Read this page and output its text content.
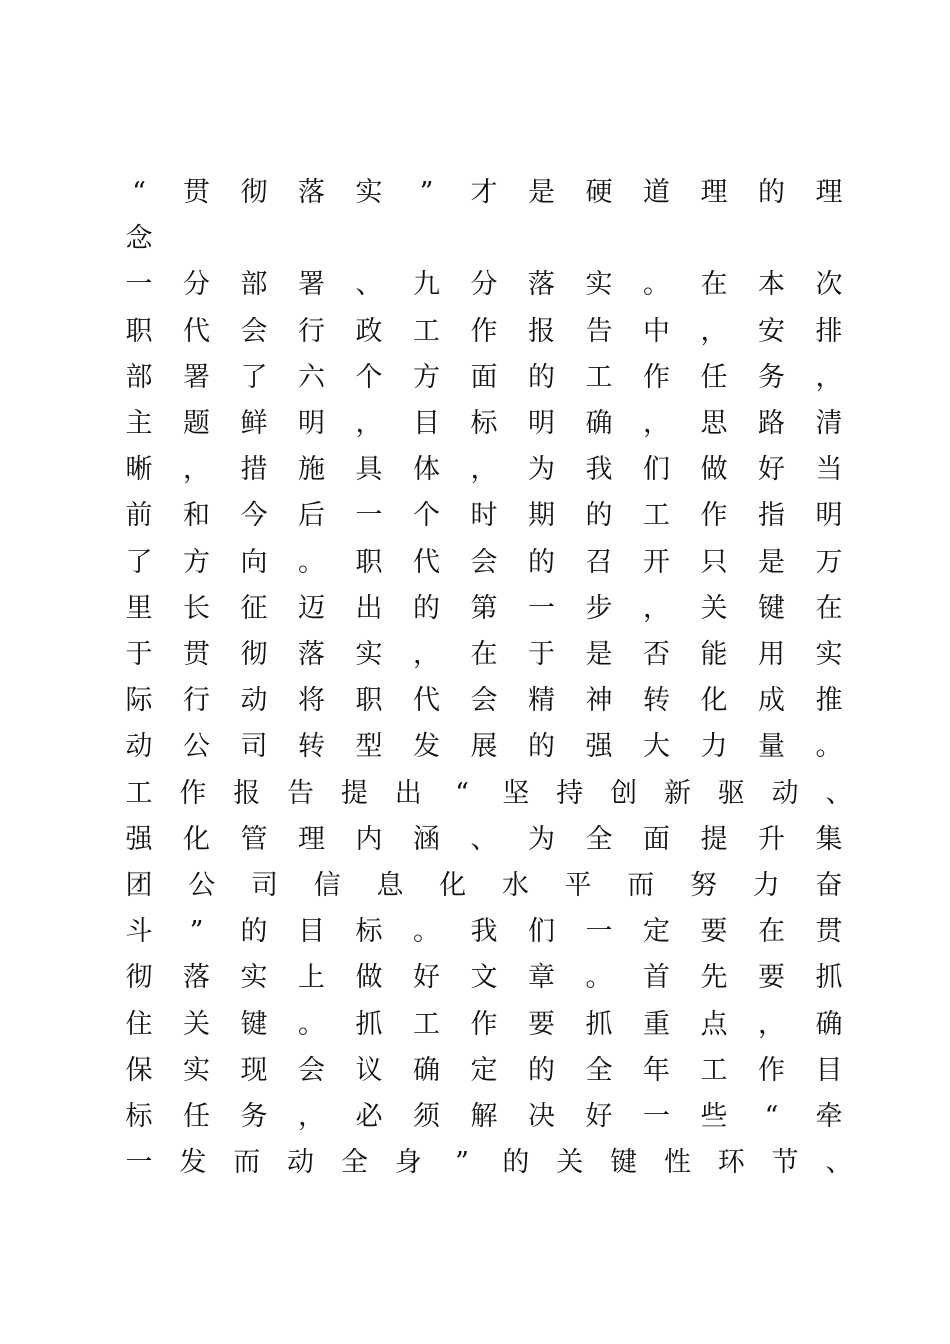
“ 贯 彻 落 实 ” 才 是 硬 道 理 的 理
念
一 分 部 署 、 九 分 落 实 。 在 本 次
职 代 会 行 政 工 作 报 告 中 ， 安 排
部 署 了 六 个 方 面 的 工 作 任 务 ，
主 题 鲜 明 ， 目 标 明 确 ， 思 路 清
晰 ， 措 施 具 体 ， 为 我 们 做 好 当
前 和 今 后 一 个 时 期 的 工 作 指 明
了 方 向 。 职 代 会 的 召 开 只 是 万
里 长 征 迈 出 的 第 一 步 ， 关 键 在
于 贯 彻 落 实 ， 在 于 是 否 能 用 实
际 行 动 将 职 代 会 精 神 转 化 成 推
动 公 司 转 型 发 展 的 强 大 力 量 。
工 作 报 告 提 出 “ 坚 持 创 新 驱 动 、
强 化 管 理 内 涵 、 为 全 面 提 升 集
团 公 司 信 息 化 水 平 而 努 力 奋
斗 ” 的 目 标 。 我 们 一 定 要 在 贯
彻 落 实 上 做 好 文 章 。 首 先 要 抓
住 关 键 。 抓 工 作 要 抓 重 点 ， 确
保 实 现 会 议 确 定 的 全 年 工 作 目
标 任 务 ， 必 须 解 决 好 一 些 “ 牵
一 发 而 动 全 身 ” 的 关 键 性 环 节 、
